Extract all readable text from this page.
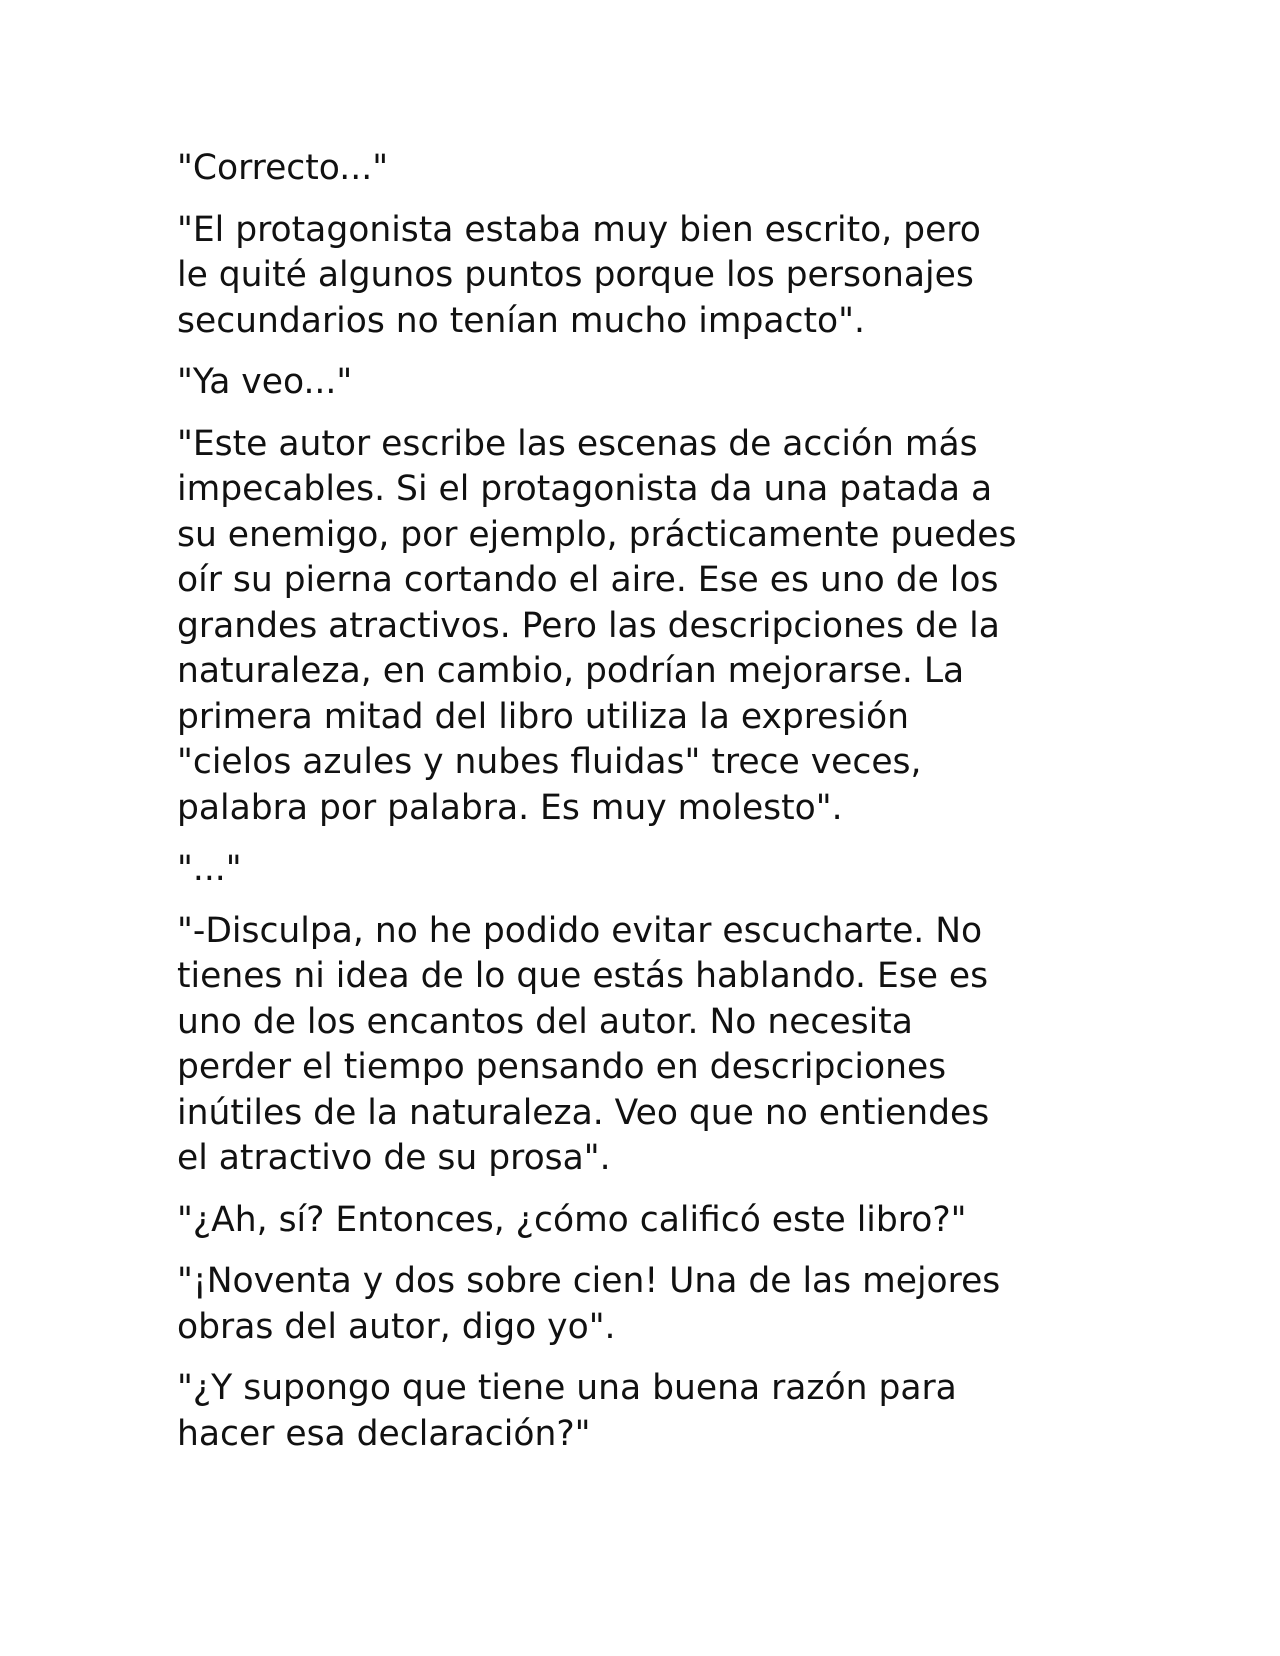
"Correcto..."

"El protagonista estaba muy bien escrito, pero
le quité algunos puntos porque los personajes
secundarios no tenían mucho impacto".

"Ya veo..."

"Este autor escribe las escenas de acción más
impecables. Si el protagonista da una patada a
su enemigo, por ejemplo, prácticamente puedes
oír su pierna cortando el aire. Ese es uno de los
grandes atractivos. Pero las descripciones de la
naturaleza, en cambio, podrían mejorarse. La
primera mitad del libro utiliza la expresión
"cielos azules y nubes fluidas" trece veces,
palabra por palabra. Es muy molesto".

"..."

"-Disculpa, no he podido evitar escucharte. No
tienes ni idea de lo que estás hablando. Ese es
uno de los encantos del autor. No necesita
perder el tiempo pensando en descripciones
inútiles de la naturaleza. Veo que no entiendes
el atractivo de su prosa".

"¿Ah, sí? Entonces, ¿cómo calificó este libro?"

"¡Noventa y dos sobre cien! Una de las mejores
obras del autor, digo yo".

"¿Y supongo que tiene una buena razón para
hacer esa declaración?"
